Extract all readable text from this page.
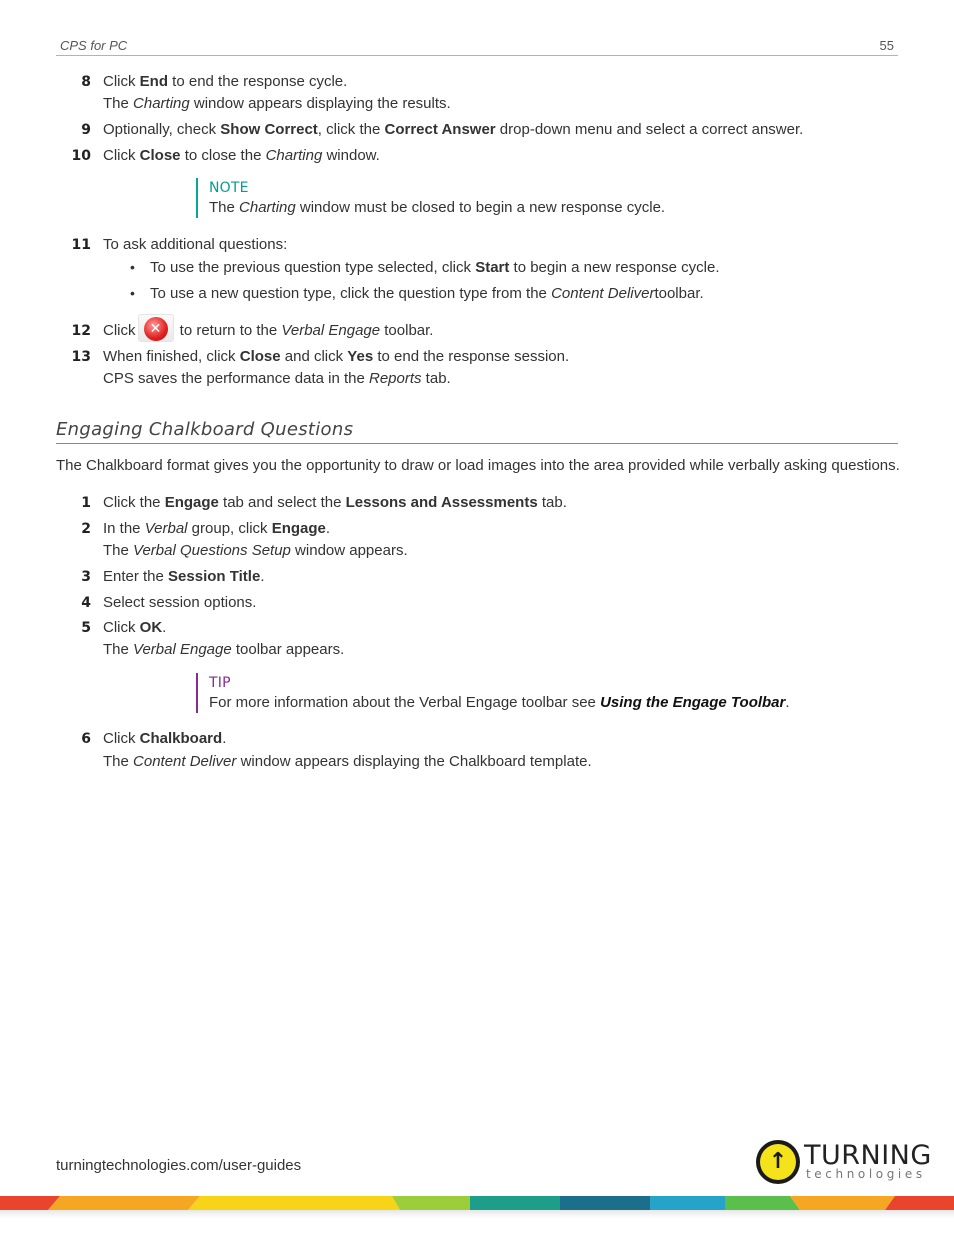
CPS for PC	55
8 Click End to end the response cycle.
The Charting window appears displaying the results.
9 Optionally, check Show Correct, click the Correct Answer drop-down menu and select a correct answer.
10 Click Close to close the Charting window.
NOTE
The Charting window must be closed to begin a new response cycle.
11 To ask additional questions:
• To use the previous question type selected, click Start to begin a new response cycle.
• To use a new question type, click the question type from the Content Delivertoolbar.
12 Click	✕ to return to the Verbal Engage toolbar.
13 When finished, click Close and click Yes to end the response session.
CPS saves the performance data in the Reports tab.
Engaging Chalkboard Questions

The Chalkboard format gives you the opportunity to draw or load images into the area provided while verbally asking questions.

1 Click the Engage tab and select the Lessons and Assessments tab.
2 In the Verbal group, click Engage.
The Verbal Questions Setup window appears.
3 Enter the Session Title.
4 Select session options.
5 Click OK.
The Verbal Engage toolbar appears.
TIP
For more information about the Verbal Engage toolbar see Using the Engage Toolbar.
6 Click Chalkboard.
The Content Deliver window appears displaying the Chalkboard template.
turningtechnologies.com/user-guides	↑ TURNING
technologies
